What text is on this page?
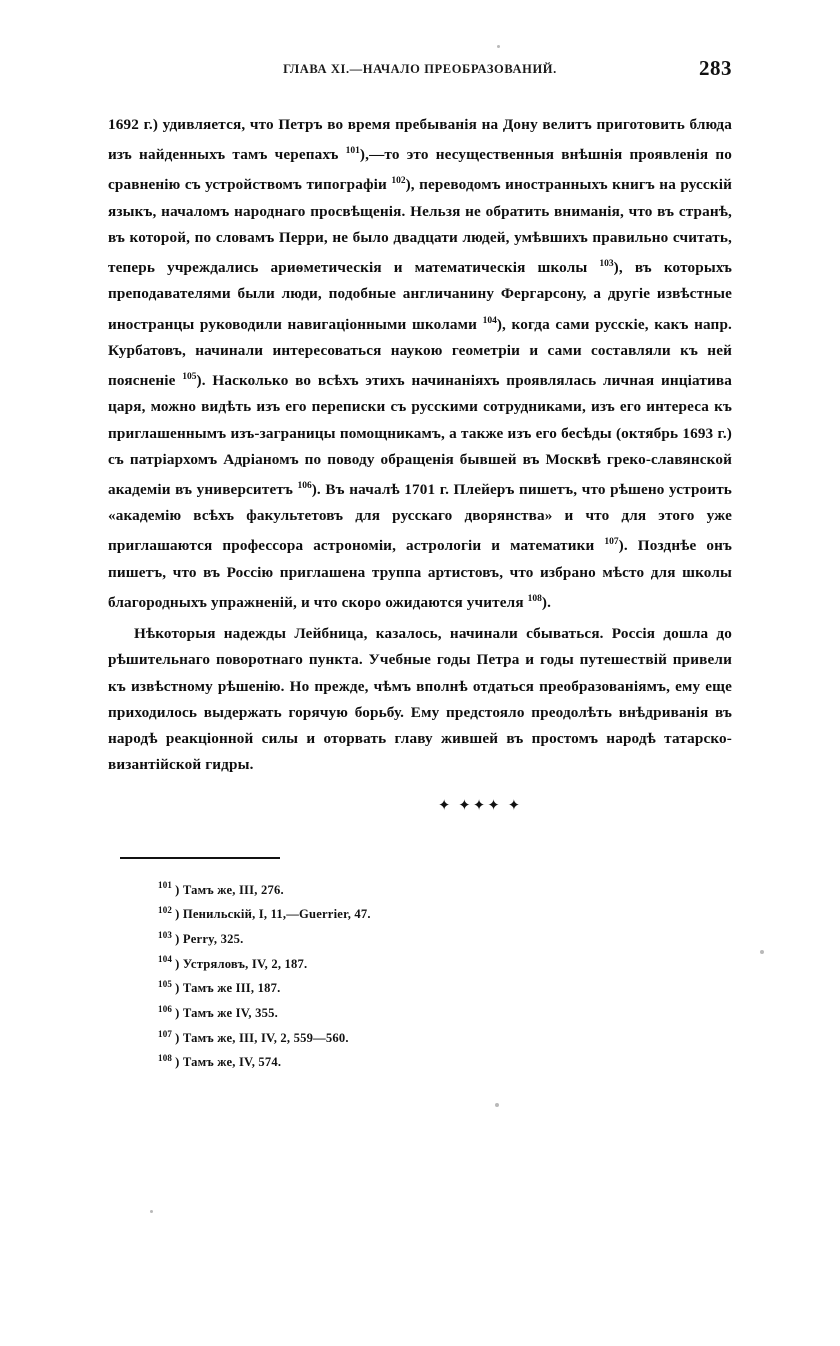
ГЛАВА XI.—НАЧАЛО ПРЕОБРАЗОВАНИЙ.	283

1692 г.) удивляется, что Петръ во время пребыванія на Дону велитъ приготовить блюда изъ найденныхъ тамъ черепахъ $^{101}$),—то это несущественныя внѣшнія проявленія по сравненію съ устройствомъ типографіи $^{102}$), переводомъ иностранныхъ книгъ на русскій языкъ, началомъ народнаго просвѣщенія. Нельзя не обратить вниманія, что въ странѣ, въ которой, по словамъ Перри, не было двадцати людей, умѣвшихъ правильно считать, теперь учреждались ариѳметическія и математическія школы $^{103}$), въ которыхъ преподавателями были люди, подобные англичанину Фергарсону, а другіе извѣстные иностранцы руководили навигаціонными школами $^{104}$), когда сами русскіе, какъ напр. Курбатовъ, начинали интересоваться наукою геометріи и сами составляли къ ней поясненіе $^{105}$). Насколько во всѣхъ этихъ начинаніяхъ проявлялась личная инціатива царя, можно видѣть изъ его переписки съ русскими сотрудниками, изъ его интереса къ приглашеннымъ изъ-заграницы помощникамъ, а также изъ его бесѣды (октябрь 1693 г.) съ патріархомъ Адріаномъ по поводу обращенія бывшей въ Москвѣ греко-славянской академіи въ университетъ $^{106}$). Въ началѣ 1701 г. Плейеръ пишетъ, что рѣшено устроить «академію всѣхъ факультетовъ для русскаго дворянства» и что для этого уже приглашаются профессора астрономіи, астрологіи и математики $^{107}$). Позднѣе онъ пишетъ, что въ Россію приглашена труппа артистовъ, что избрано мѣсто для школы благородныхъ упражненій, и что скоро ожидаются учителя $^{108}$).

Нѣкоторыя надежды Лейбница, казалось, начинали сбываться. Россія дошла до рѣшительнаго поворотнаго пункта. Учебные годы Петра и годы путешествій привели къ извѣстному рѣшенію. Но прежде, чѣмъ вполнѣ отдаться преобразованіямъ, ему еще приходилось выдержать горячую борьбу. Ему предстояло преодолѣть внѣдриванія въ народѣ реакціонной силы и оторвать главу жившей въ простомъ народѣ татарско-византійской гидры.

✦ ✦✦✦ ✦
$^{101}$ ) Тамъ же, III, 276.
$^{102}$ ) Пенильскій, I, 11,—Guerrier, 47.
$^{103}$ ) Perry, 325.
$^{104}$ ) Устряловъ, IV, 2, 187.
$^{105}$ ) Тамъ же III, 187.
$^{106}$ ) Тамъ же IV, 355.
$^{107}$ ) Тамъ же, III, IV, 2, 559—560.
$^{108}$ ) Тамъ же, IV, 574.
